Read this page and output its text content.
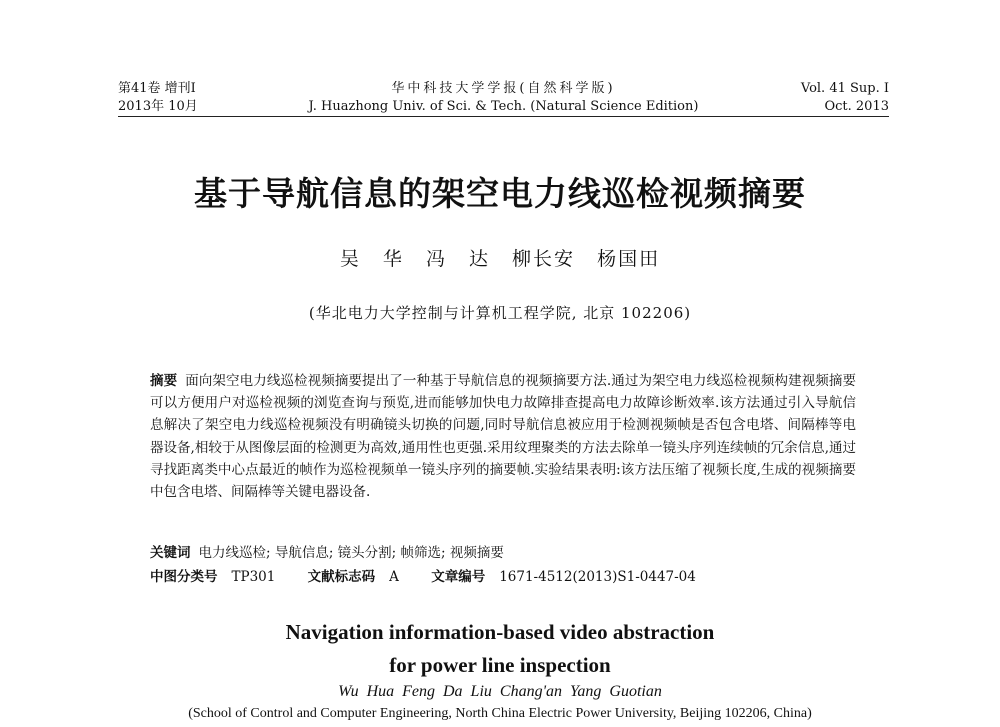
第41卷 增刊Ⅰ	华中科技大学学报(自然科学版)	Vol. 41 Sup. Ⅰ
2013年 10月	J. Huazhong Univ. of Sci. & Tech. (Natural Science Edition)	Oct. 2013
基于导航信息的架空电力线巡检视频摘要
吴 华 冯 达 柳长安 杨国田
(华北电力大学控制与计算机工程学院, 北京 102206)
摘要 面向架空电力线巡检视频摘要提出了一种基于导航信息的视频摘要方法.通过为架空电力线巡检视频构建视频摘要可以方便用户对巡检视频的浏览查询与预览,进而能够加快电力故障排查提高电力故障诊断效率.该方法通过引入导航信息解决了架空电力线巡检视频没有明确镜头切换的问题,同时导航信息被应用于检测视频帧是否包含电塔、间隔棒等电器设备,相较于从图像层面的检测更为高效,通用性也更强.采用纹理聚类的方法去除单一镜头序列连续帧的冗余信息,通过寻找距离类中心点最近的帧作为巡检视频单一镜头序列的摘要帧.实验结果表明:该方法压缩了视频长度,生成的视频摘要中包含电塔、间隔棒等关键电器设备.
关键词 电力线巡检; 导航信息; 镜头分割; 帧筛选; 视频摘要
中图分类号 TP301 文献标志码 A 文章编号 1671-4512(2013)S1-0447-04
Navigation information-based video abstraction
for power line inspection
Wu Hua Feng Da Liu Chang'an Yang Guotian
(School of Control and Computer Engineering, North China Electric Power University, Beijing 102206, China)
